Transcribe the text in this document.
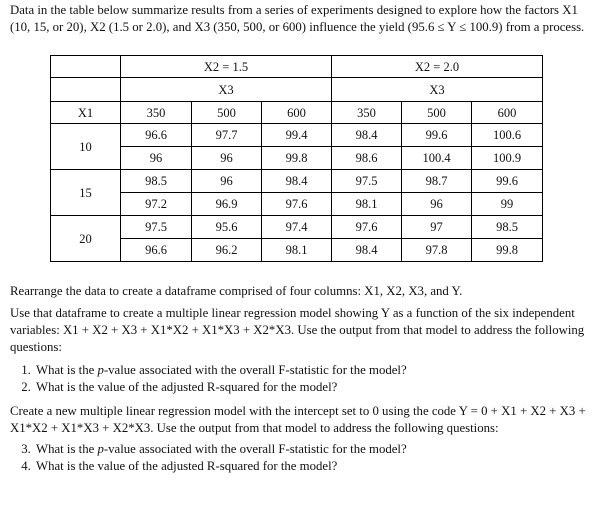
Data in the table below summarize results from a series of experiments designed to explore how the factors X1 (10, 15, or 20), X2 (1.5 or 2.0), and X3 (350, 500, or 600) influence the yield (95.6 ≤ Y ≤ 100.9) from a process.

	X2 = 1.5			X2 = 2.0		
	X3			X3		
X1	350	500	600	350	500	600
10	96.6	97.7	99.4	98.4	99.6	100.6
	96	96	99.8	98.6	100.4	100.9
15	98.5	96	98.4	97.5	98.7	99.6
	97.2	96.9	97.6	98.1	96	99
20	97.5	95.6	97.4	97.6	97	98.5
	96.6	96.2	98.1	98.4	97.8	99.8

Rearrange the data to create a dataframe comprised of four columns: X1, X2, X3, and Y.

Use that dataframe to create a multiple linear regression model showing Y as a function of the six independent variables: X1 + X2 + X3 + X1*X2 + X1*X3 + X2*X3. Use the output from that model to address the following questions:

1. What is the p-value associated with the overall F-statistic for the model?
2. What is the value of the adjusted R-squared for the model?

Create a new multiple linear regression model with the intercept set to 0 using the code Y = 0 + X1 + X2 + X3 + X1*X2 + X1*X3 + X2*X3. Use the output from that model to address the following questions:

3. What is the p-value associated with the overall F-statistic for the model?
4. What is the value of the adjusted R-squared for the model?
